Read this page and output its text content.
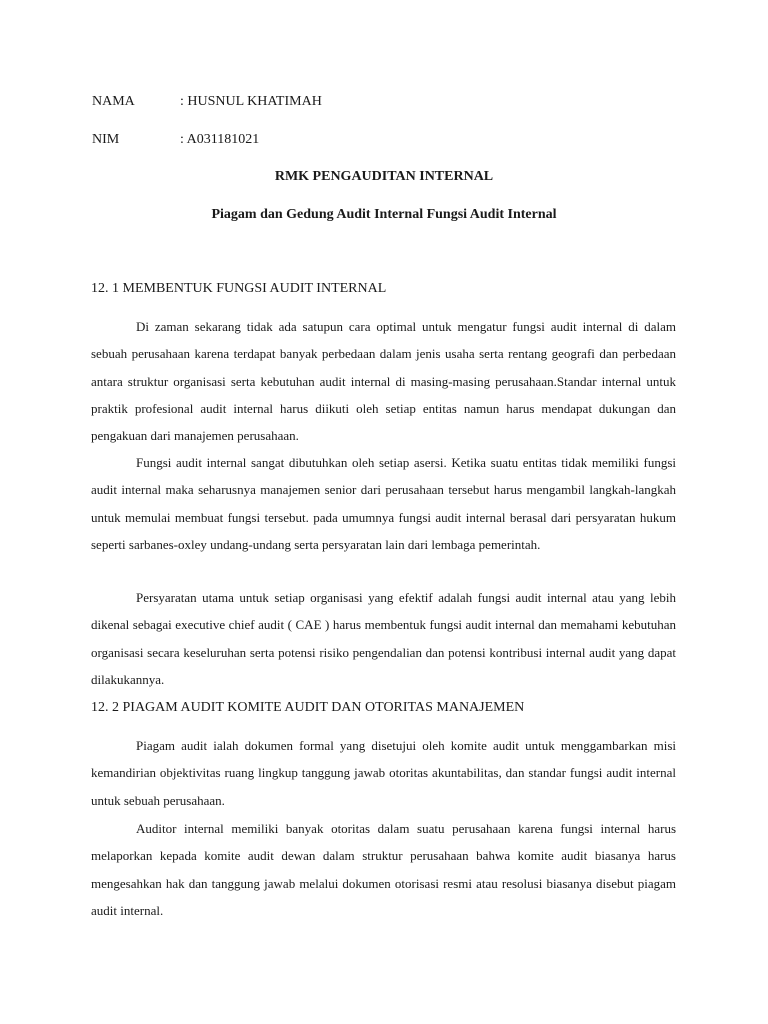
NAMA	: HUSNUL KHATIMAH
NIM	: A031181021
RMK PENGAUDITAN INTERNAL
Piagam dan Gedung Audit Internal Fungsi Audit Internal
12. 1 MEMBENTUK FUNGSI AUDIT INTERNAL

Di zaman sekarang tidak ada satupun cara optimal untuk mengatur fungsi audit internal di dalam sebuah perusahaan karena terdapat banyak perbedaan dalam jenis usaha serta rentang geografi dan perbedaan antara struktur organisasi serta kebutuhan audit internal di masing-masing perusahaan.Standar internal untuk praktik profesional audit internal harus diikuti oleh setiap entitas namun harus mendapat dukungan dan pengakuan dari manajemen perusahaan.

Fungsi audit internal sangat dibutuhkan oleh setiap asersi. Ketika suatu entitas tidak memiliki fungsi audit internal maka seharusnya manajemen senior dari perusahaan tersebut harus mengambil langkah-langkah untuk memulai membuat fungsi tersebut. pada umumnya fungsi audit internal berasal dari persyaratan hukum seperti sarbanes-oxley undang-undang serta persyaratan lain dari lembaga pemerintah.

Persyaratan utama untuk setiap organisasi yang efektif adalah fungsi audit internal atau yang lebih dikenal sebagai executive chief audit ( CAE ) harus membentuk fungsi audit internal dan memahami kebutuhan organisasi secara keseluruhan serta potensi risiko pengendalian dan potensi kontribusi internal audit yang dapat dilakukannya.

12. 2 PIAGAM AUDIT KOMITE AUDIT DAN OTORITAS MANAJEMEN

Piagam audit ialah dokumen formal yang disetujui oleh komite audit untuk menggambarkan misi kemandirian objektivitas ruang lingkup tanggung jawab otoritas akuntabilitas, dan standar fungsi audit internal untuk sebuah perusahaan.

Auditor internal memiliki banyak otoritas dalam suatu perusahaan karena fungsi internal harus melaporkan kepada komite audit dewan dalam struktur perusahaan bahwa komite audit biasanya harus mengesahkan hak dan tanggung jawab melalui dokumen otorisasi resmi atau resolusi biasanya disebut piagam audit internal.
